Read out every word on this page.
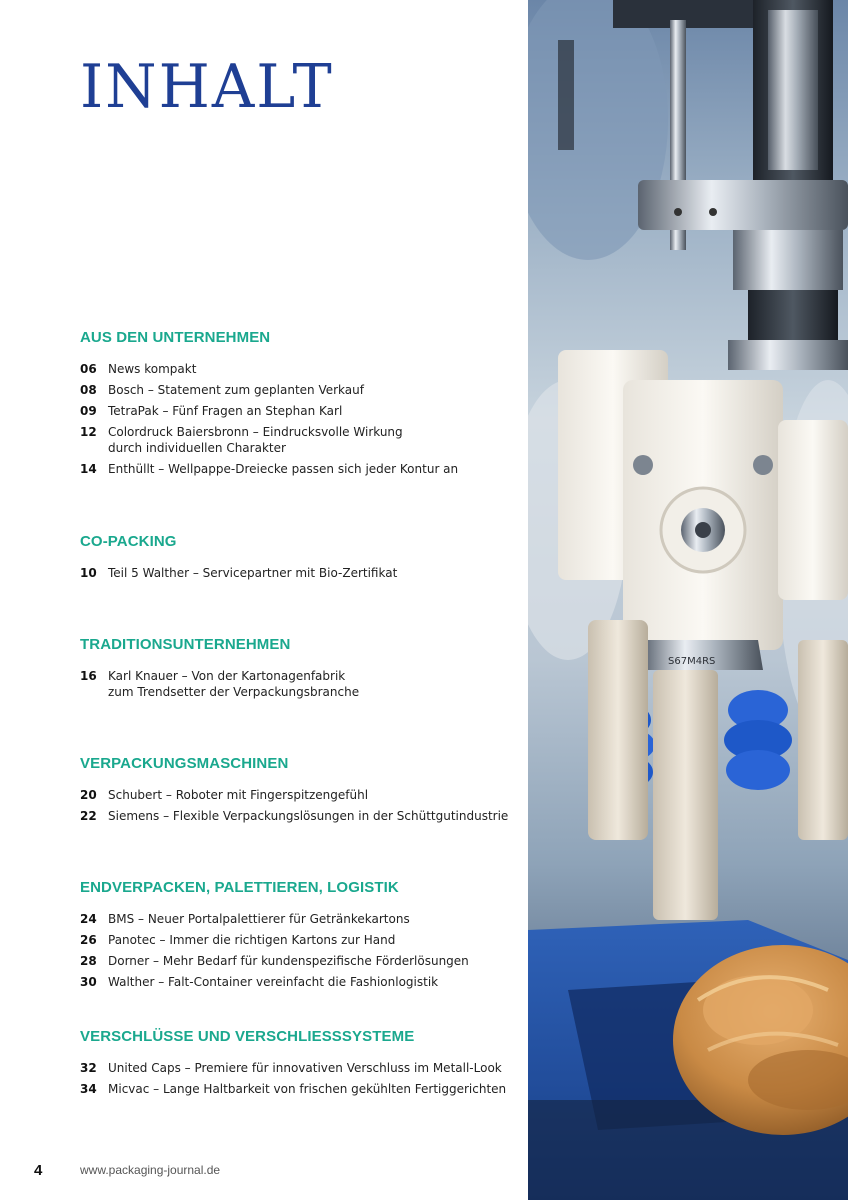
INHALT
AUS DEN UNTERNEHMEN
06 News kompakt
08 Bosch – Statement zum geplanten Verkauf
09 TetraPak – Fünf Fragen an Stephan Karl
12 Colordruck Baiersbronn – Eindrucksvolle Wirkung
durch individuellen Charakter
14 Enthüllt – Wellpappe-Dreiecke passen sich jeder Kontur an
CO-PACKING
10 Teil 5 Walther – Servicepartner mit Bio-Zertifikat
TRADITIONSUNTERNEHMEN
16 Karl Knauer – Von der Kartonagenfabrik
zum Trendsetter der Verpackungsbranche
VERPACKUNGSMASCHINEN
20 Schubert – Roboter mit Fingerspitzengefühl
22 Siemens – Flexible Verpackungslösungen in der Schüttgutindustrie
ENDVERPACKEN, PALETTIEREN, LOGISTIK
24 BMS – Neuer Portalpalettierer für Getränkekartons
26 Panotec – Immer die richtigen Kartons zur Hand
28 Dorner – Mehr Bedarf für kundenspezifische Förderlösungen
30 Walther – Falt-Container vereinfacht die Fashionlogistik
VERSCHLÜSSE UND VERSCHLIESSSYSTEME
32 United Caps – Premiere für innovativen Verschluss im Metall-Look
34 Micvac – Lange Haltbarkeit von frischen gekühlten Fertiggerichten
4	www.packaging-journal.de
S67M4RS
